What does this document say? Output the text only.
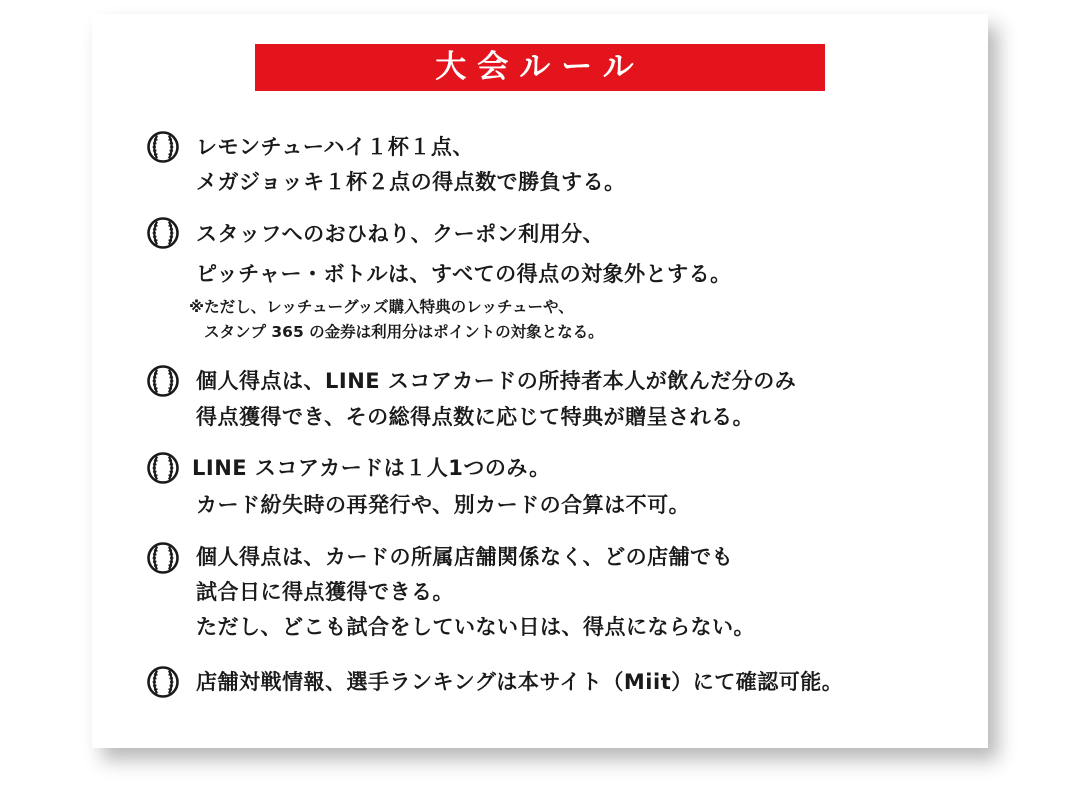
大会ルール
レモンチューハイ１杯１点、
メガジョッキ１杯２点の得点数で勝負する。
スタッフへのおひねり、クーポン利用分、
ピッチャー・ボトルは、すべての得点の対象外とする。
※ただし、レッチューグッズ購入特典のレッチューや、
スタンプ 365 の金券は利用分はポイントの対象となる。
個人得点は、LINE スコアカードの所持者本人が飲んだ分のみ
得点獲得でき、その総得点数に応じて特典が贈呈される。
LINE スコアカードは１人1つのみ。
カード紛失時の再発行や、別カードの合算は不可。
個人得点は、カードの所属店舗関係なく、どの店舗でも
試合日に得点獲得できる。
ただし、どこも試合をしていない日は、得点にならない。
店舗対戦情報、選手ランキングは本サイト（Miit）にて確認可能。
